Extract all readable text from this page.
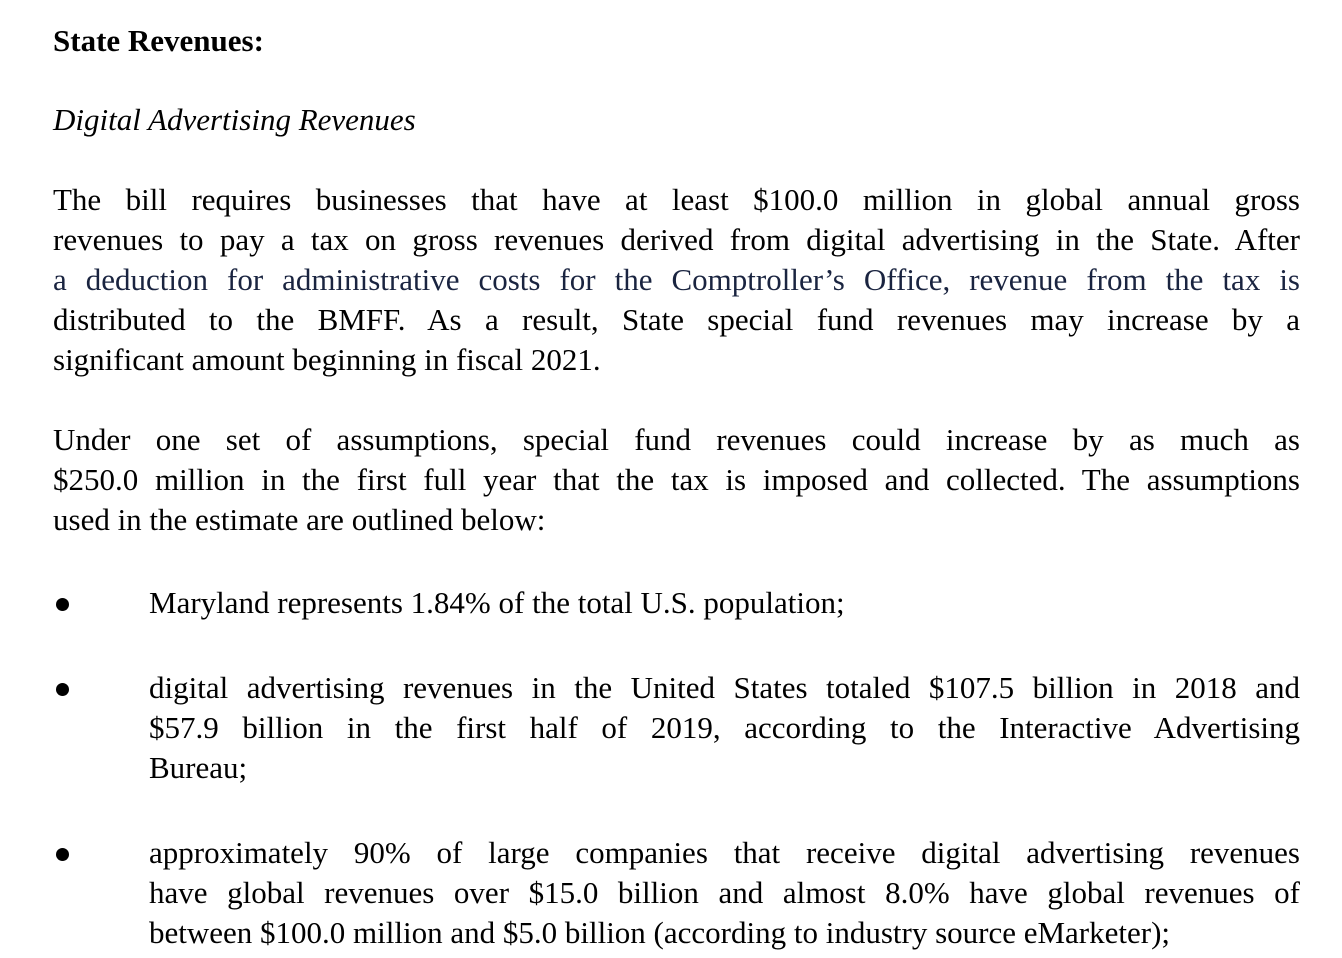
State Revenues:
Digital Advertising Revenues
The bill requires businesses that have at least $100.0 million in global annual gross
revenues to pay a tax on gross revenues derived from digital advertising in the State. After
a deduction for administrative costs for the Comptroller’s Office, revenue from the tax is
distributed to the BMFF. As a result, State special fund revenues may increase by a
significant amount beginning in fiscal 2021.
Under one set of assumptions, special fund revenues could increase by as much as
$250.0 million in the first full year that the tax is imposed and collected. The assumptions
used in the estimate are outlined below:
Maryland represents 1.84% of the total U.S. population;
digital advertising revenues in the United States totaled $107.5 billion in 2018 and
$57.9 billion in the first half of 2019, according to the Interactive Advertising
Bureau;
approximately 90% of large companies that receive digital advertising revenues
have global revenues over $15.0 billion and almost 8.0% have global revenues of
between $100.0 million and $5.0 billion (according to industry source eMarketer);
